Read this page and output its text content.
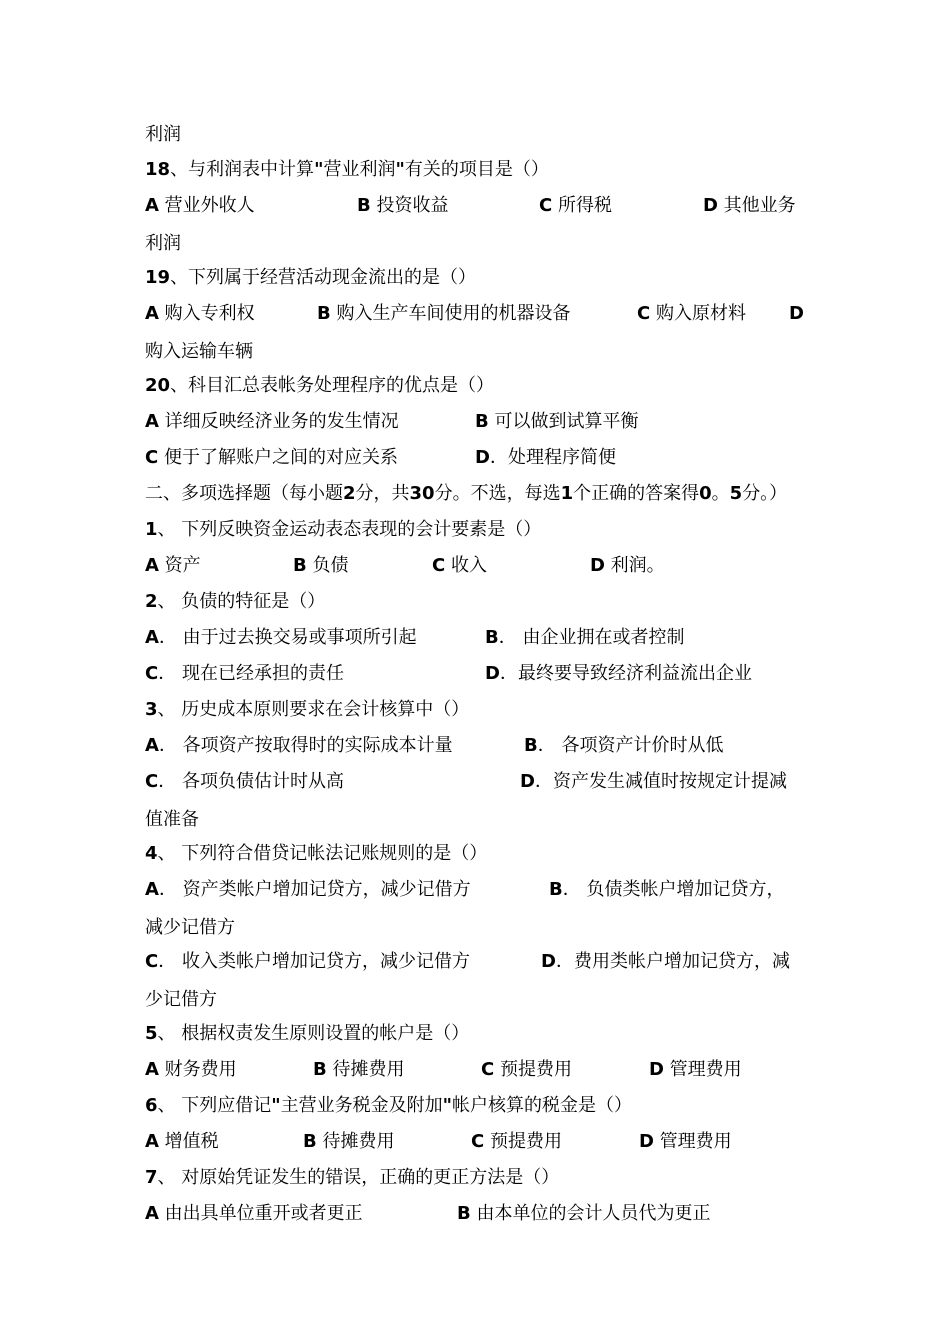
利润
18、与利润表中计算"营业利润"有关的项目是（）
A 营业外收人	B 投资收益	C 所得税	D 其他业务
利润
19、下列属于经营活动现金流出的是（）
A 购入专利权	B 购入生产车间使用的机器设备	C 购入原材料 D
购入运输车辆
20、科目汇总表帐务处理程序的优点是（）
A 详细反映经济业务的发生情况	B 可以做到试算平衡
C 便于了解账户之间的对应关系	D．处理程序简便
二、多项选择题（每小题2分，共30分。不选，每选1个正确的答案得0。5分。）
1、 下列反映资金运动表态表现的会计要素是（）
A 资产	B 负债	C 收入	D 利润。
2、 负债的特征是（）
A． 由于过去换交易或事项所引起	B． 由企业拥在或者控制
C． 现在已经承担的责任	D．最终要导致经济利益流出企业
3、 历史成本原则要求在会计核算中（）
A． 各项资产按取得时的实际成本计量	B． 各项资产计价时从低
C． 各项负债估计时从高	D．资产发生减值时按规定计提减
值准备
4、 下列符合借贷记帐法记账规则的是（）
A． 资产类帐户增加记贷方，减少记借方	B． 负债类帐户增加记贷方，
减少记借方
C． 收入类帐户增加记贷方，减少记借方	D．费用类帐户增加记贷方，减
少记借方
5、 根据权责发生原则设置的帐户是（）
A 财务费用	B 待摊费用	C 预提费用	D 管理费用
6、 下列应借记"主营业务税金及附加"帐户核算的税金是（）
A 增值税	B 待摊费用	C 预提费用	D 管理费用
7、 对原始凭证发生的错误，正确的更正方法是（）
A 由出具单位重开或者更正	B 由本单位的会计人员代为更正
